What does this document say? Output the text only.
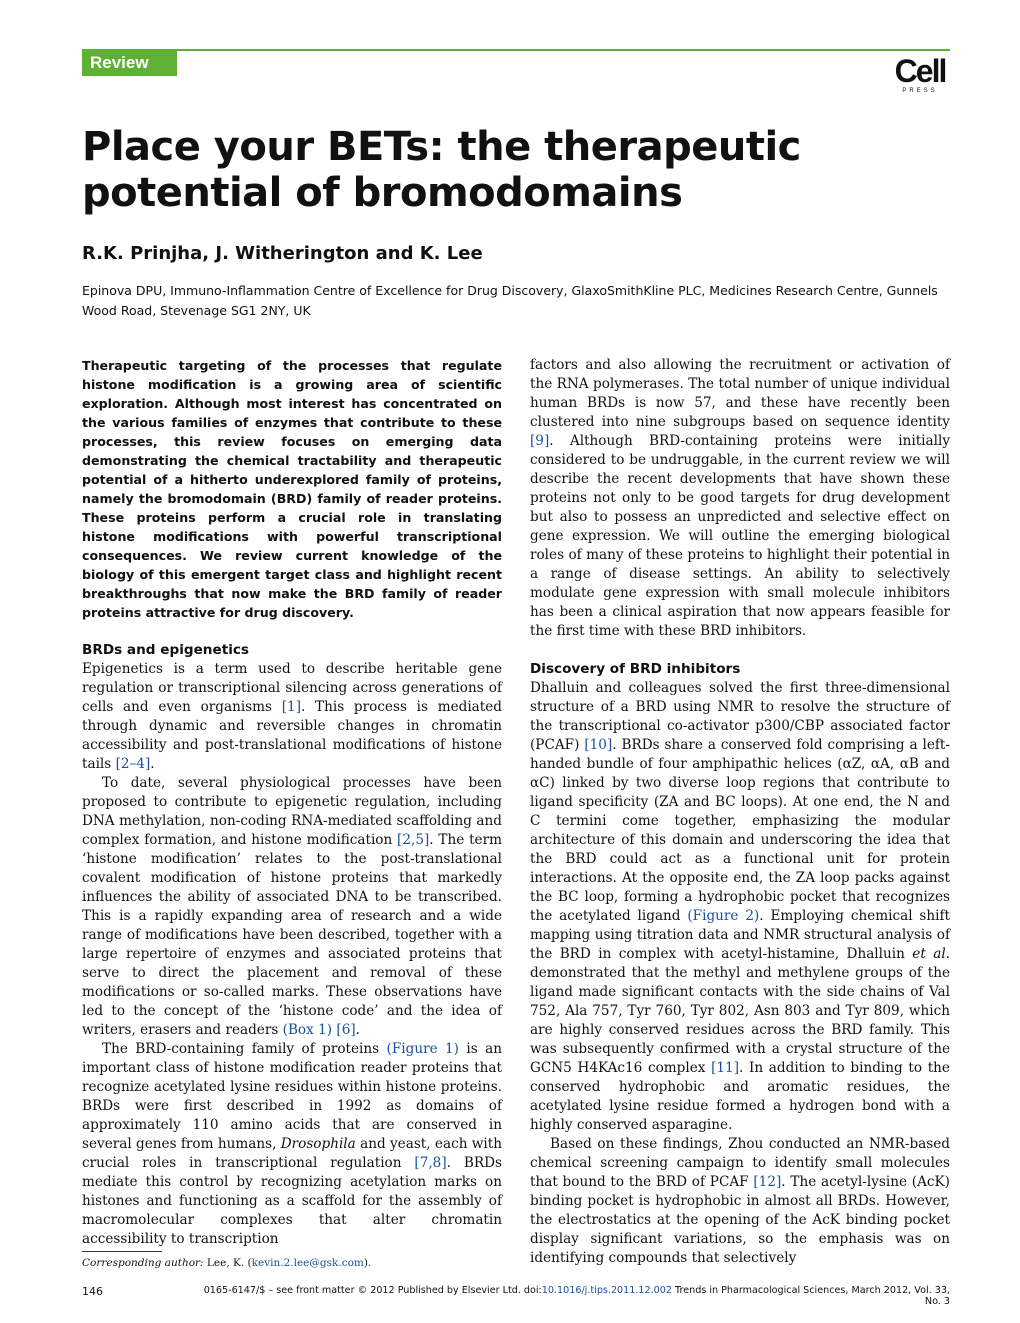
Review	Cell
PRESS
Place your BETs: the therapeutic potential of bromodomains
R.K. Prinjha, J. Witherington and K. Lee
Epinova DPU, Immuno-Inflammation Centre of Excellence for Drug Discovery, GlaxoSmithKline PLC, Medicines Research Centre, Gunnels Wood Road, Stevenage SG1 2NY, UK

Therapeutic targeting of the processes that regulate histone modification is a growing area of scientific exploration. Although most interest has concentrated on the various families of enzymes that contribute to these processes, this review focuses on emerging data demonstrating the chemical tractability and therapeutic potential of a hitherto underexplored family of proteins, namely the bromodomain (BRD) family of reader proteins. These proteins perform a crucial role in translating histone modifications with powerful transcriptional consequences. We review current knowledge of the biology of this emergent target class and highlight recent breakthroughs that now make the BRD family of reader proteins attractive for drug discovery.

BRDs and epigenetics

Epigenetics is a term used to describe heritable gene regulation or transcriptional silencing across generations of cells and even organisms [1]. This process is mediated through dynamic and reversible changes in chromatin accessibility and post-translational modifications of histone tails [2–4].

To date, several physiological processes have been proposed to contribute to epigenetic regulation, including DNA methylation, non-coding RNA-mediated scaffolding and complex formation, and histone modification [2,5]. The term ‘histone modification’ relates to the post-translational covalent modification of histone proteins that markedly influences the ability of associated DNA to be transcribed. This is a rapidly expanding area of research and a wide range of modifications have been described, together with a large repertoire of enzymes and associated proteins that serve to direct the placement and removal of these modifications or so-called marks. These observations have led to the concept of the ‘histone code’ and the idea of writers, erasers and readers (Box 1) [6].

The BRD-containing family of proteins (Figure 1) is an important class of histone modification reader proteins that recognize acetylated lysine residues within histone proteins. BRDs were first described in 1992 as domains of approximately 110 amino acids that are conserved in several genes from humans, Drosophila and yeast, each with crucial roles in transcriptional regulation [7,8]. BRDs mediate this control by recognizing acetylation marks on histones and functioning as a scaffold for the assembly of macromolecular complexes that alter chromatin accessibility to transcription

factors and also allowing the recruitment or activation of the RNA polymerases. The total number of unique individual human BRDs is now 57, and these have recently been clustered into nine subgroups based on sequence identity [9]. Although BRD-containing proteins were initially considered to be undruggable, in the current review we will describe the recent developments that have shown these proteins not only to be good targets for drug development but also to possess an unpredicted and selective effect on gene expression. We will outline the emerging biological roles of many of these proteins to highlight their potential in a range of disease settings. An ability to selectively modulate gene expression with small molecule inhibitors has been a clinical aspiration that now appears feasible for the first time with these BRD inhibitors.

Discovery of BRD inhibitors

Dhalluin and colleagues solved the first three-dimensional structure of a BRD using NMR to resolve the structure of the transcriptional co-activator p300/CBP associated factor (PCAF) [10]. BRDs share a conserved fold comprising a left-handed bundle of four amphipathic helices (αZ, αA, αB and αC) linked by two diverse loop regions that contribute to ligand specificity (ZA and BC loops). At one end, the N and C termini come together, emphasizing the modular architecture of this domain and underscoring the idea that the BRD could act as a functional unit for protein interactions. At the opposite end, the ZA loop packs against the BC loop, forming a hydrophobic pocket that recognizes the acetylated ligand (Figure 2). Employing chemical shift mapping using titration data and NMR structural analysis of the BRD in complex with acetyl-histamine, Dhalluin et al. demonstrated that the methyl and methylene groups of the ligand made significant contacts with the side chains of Val 752, Ala 757, Tyr 760, Tyr 802, Asn 803 and Tyr 809, which are highly conserved residues across the BRD family. This was subsequently confirmed with a crystal structure of the GCN5 H4KAc16 complex [11]. In addition to binding to the conserved hydrophobic and aromatic residues, the acetylated lysine residue formed a hydrogen bond with a highly conserved asparagine.

Based on these findings, Zhou conducted an NMR-based chemical screening campaign to identify small molecules that bound to the BRD of PCAF [12]. The acetyl-lysine (AcK) binding pocket is hydrophobic in almost all BRDs. However, the electrostatics at the opening of the AcK binding pocket display significant variations, so the emphasis was on identifying compounds that selectively

Corresponding author: Lee, K. (kevin.2.lee@gsk.com).
146	0165-6147/$ – see front matter © 2012 Published by Elsevier Ltd. doi:10.1016/j.tips.2011.12.002 Trends in Pharmacological Sciences, March 2012, Vol. 33, No. 3
